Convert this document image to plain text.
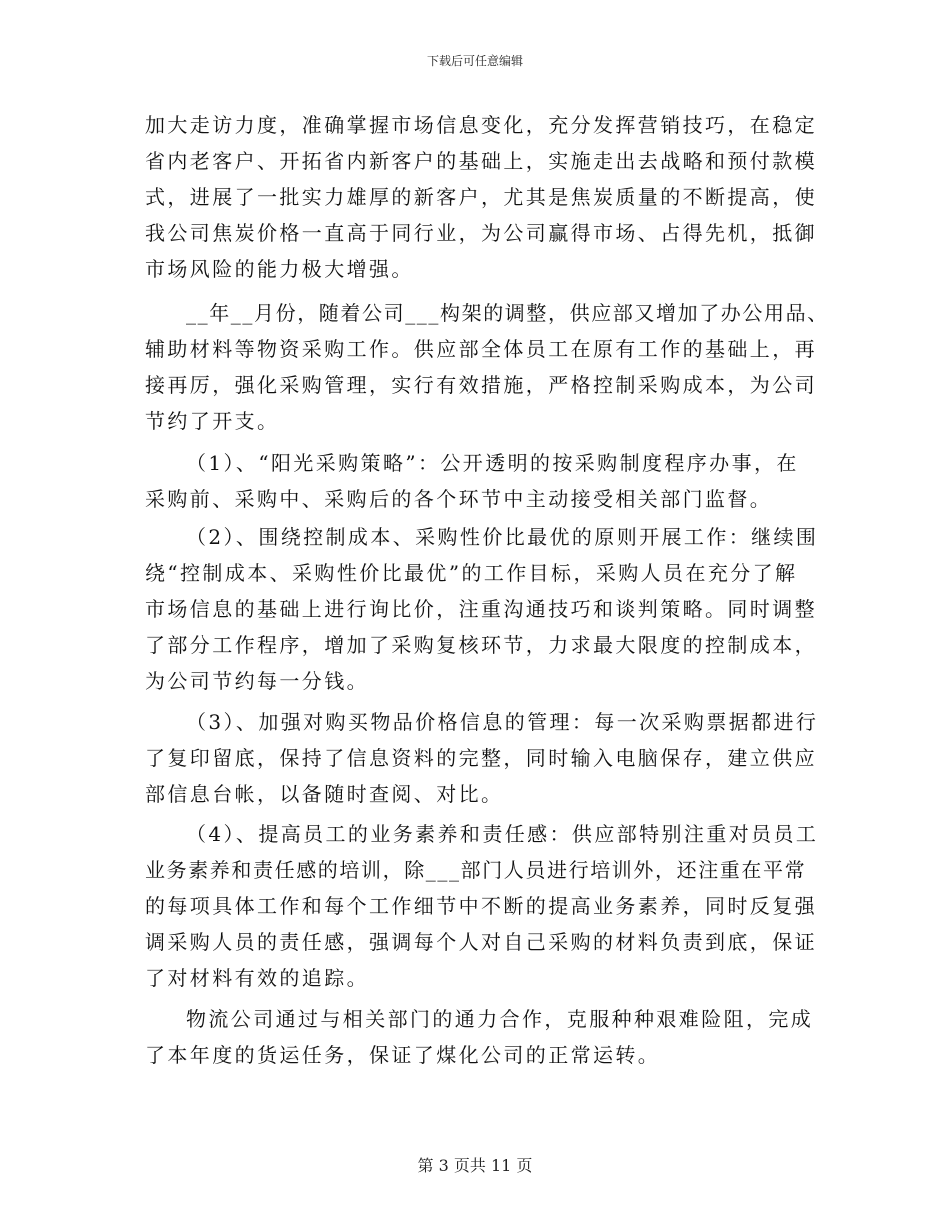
下载后可任意编辑
加大走访力度，准确掌握市场信息变化，充分发挥营销技巧，在稳定
省内老客户、开拓省内新客户的基础上，实施走出去战略和预付款模
式，进展了一批实力雄厚的新客户，尤其是焦炭质量的不断提高，使
我公司焦炭价格一直高于同行业，为公司赢得市场、占得先机，抵御
市场风险的能力极大增强。
__年__月份，随着公司___构架的调整，供应部又增加了办公用品、
辅助材料等物资采购工作。供应部全体员工在原有工作的基础上，再
接再厉，强化采购管理，实行有效措施，严格控制采购成本，为公司
节约了开支。
（1）、“阳光采购策略”：公开透明的按采购制度程序办事，在
采购前、采购中、采购后的各个环节中主动接受相关部门监督。
（2）、围绕控制成本、采购性价比最优的原则开展工作：继续围
绕“控制成本、采购性价比最优”的工作目标，采购人员在充分了解
市场信息的基础上进行询比价，注重沟通技巧和谈判策略。同时调整
了部分工作程序，增加了采购复核环节，力求最大限度的控制成本，
为公司节约每一分钱。
（3）、加强对购买物品价格信息的管理：每一次采购票据都进行
了复印留底，保持了信息资料的完整，同时输入电脑保存，建立供应
部信息台帐，以备随时查阅、对比。
（4）、提高员工的业务素养和责任感：供应部特别注重对员员工
业务素养和责任感的培训，除___部门人员进行培训外，还注重在平常
的每项具体工作和每个工作细节中不断的提高业务素养，同时反复强
调采购人员的责任感，强调每个人对自己采购的材料负责到底，保证
了对材料有效的追踪。
物流公司通过与相关部门的通力合作，克服种种艰难险阻，完成
了本年度的货运任务，保证了煤化公司的正常运转。
第 3 页共 11 页
